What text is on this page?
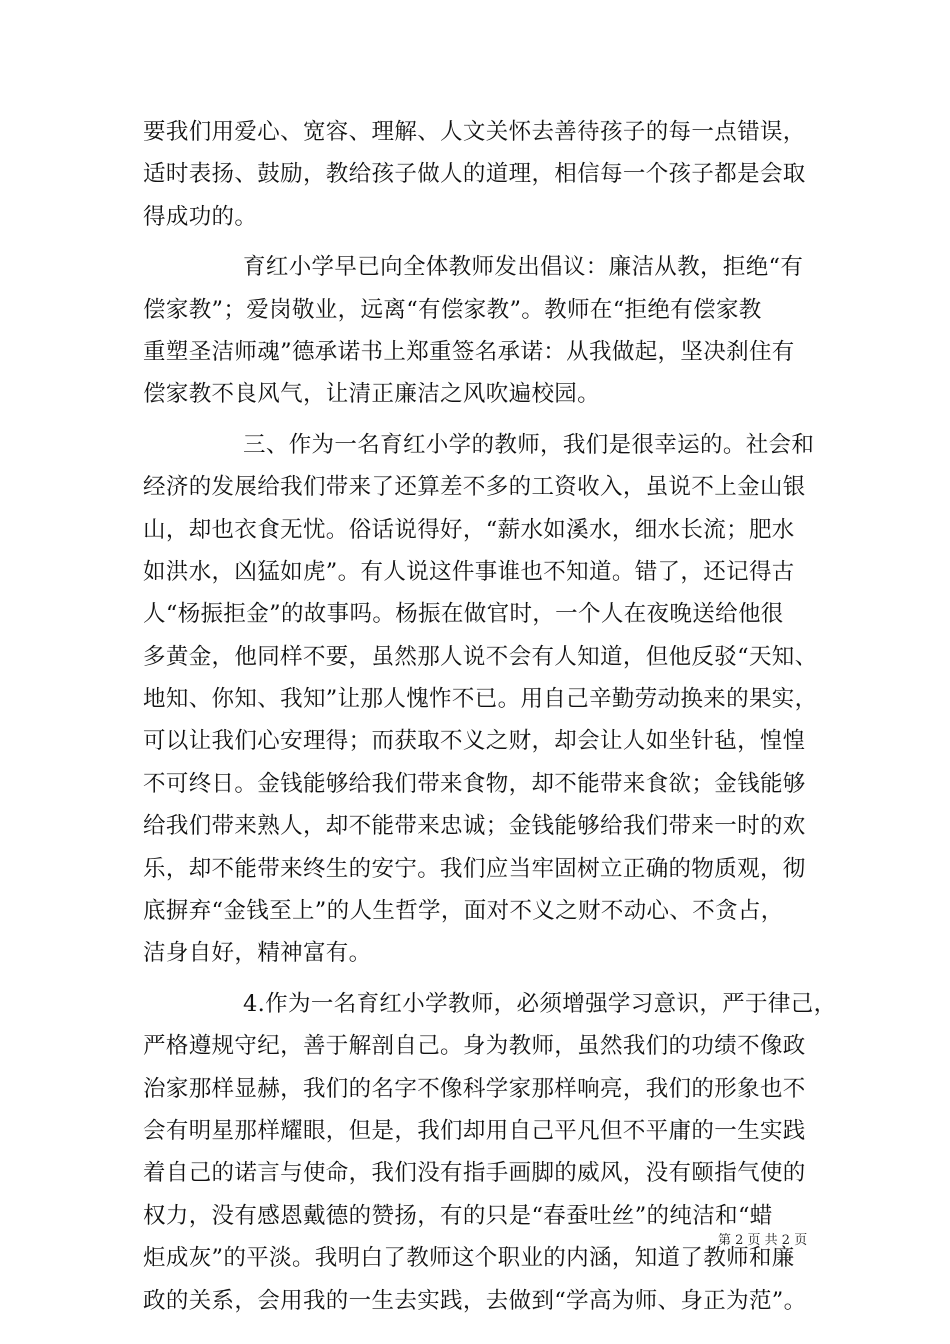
要我们用爱心、宽容、理解、人文关怀去善待孩子的每一点错误，
适时表扬、鼓励，教给孩子做人的道理，相信每一个孩子都是会取
得成功的。
育红小学早已向全体教师发出倡议：廉洁从教，拒绝“有
偿家教”；爱岗敬业，远离“有偿家教”。教师在“拒绝有偿家教
重塑圣洁师魂”德承诺书上郑重签名承诺：从我做起，坚决刹住有
偿家教不良风气，让清正廉洁之风吹遍校园。
三、作为一名育红小学的教师，我们是很幸运的。社会和
经济的发展给我们带来了还算差不多的工资收入，虽说不上金山银
山，却也衣食无忧。俗话说得好，“薪水如溪水，细水长流；肥水
如洪水，凶猛如虎”。有人说这件事谁也不知道。错了，还记得古
人“杨振拒金”的故事吗。杨振在做官时，一个人在夜晚送给他很
多黄金，他同样不要，虽然那人说不会有人知道，但他反驳“天知、
地知、你知、我知”让那人愧怍不已。用自己辛勤劳动换来的果实，
可以让我们心安理得；而获取不义之财，却会让人如坐针毡，惶惶
不可终日。金钱能够给我们带来食物，却不能带来食欲；金钱能够
给我们带来熟人，却不能带来忠诚；金钱能够给我们带来一时的欢
乐，却不能带来终生的安宁。我们应当牢固树立正确的物质观，彻
底摒弃“金钱至上”的人生哲学，面对不义之财不动心、不贪占，
洁身自好，精神富有。
4.作为一名育红小学教师，必须增强学习意识，严于律己，
严格遵规守纪，善于解剖自己。身为教师，虽然我们的功绩不像政
治家那样显赫，我们的名字不像科学家那样响亮，我们的形象也不
会有明星那样耀眼，但是，我们却用自己平凡但不平庸的一生实践
着自己的诺言与使命，我们没有指手画脚的威风，没有颐指气使的
权力，没有感恩戴德的赞扬，有的只是“春蚕吐丝”的纯洁和“蜡
炬成灰”的平淡。我明白了教师这个职业的内涵，知道了教师和廉
政的关系，会用我的一生去实践，去做到“学高为师、身正为范”。
第 2 页 共 2 页
